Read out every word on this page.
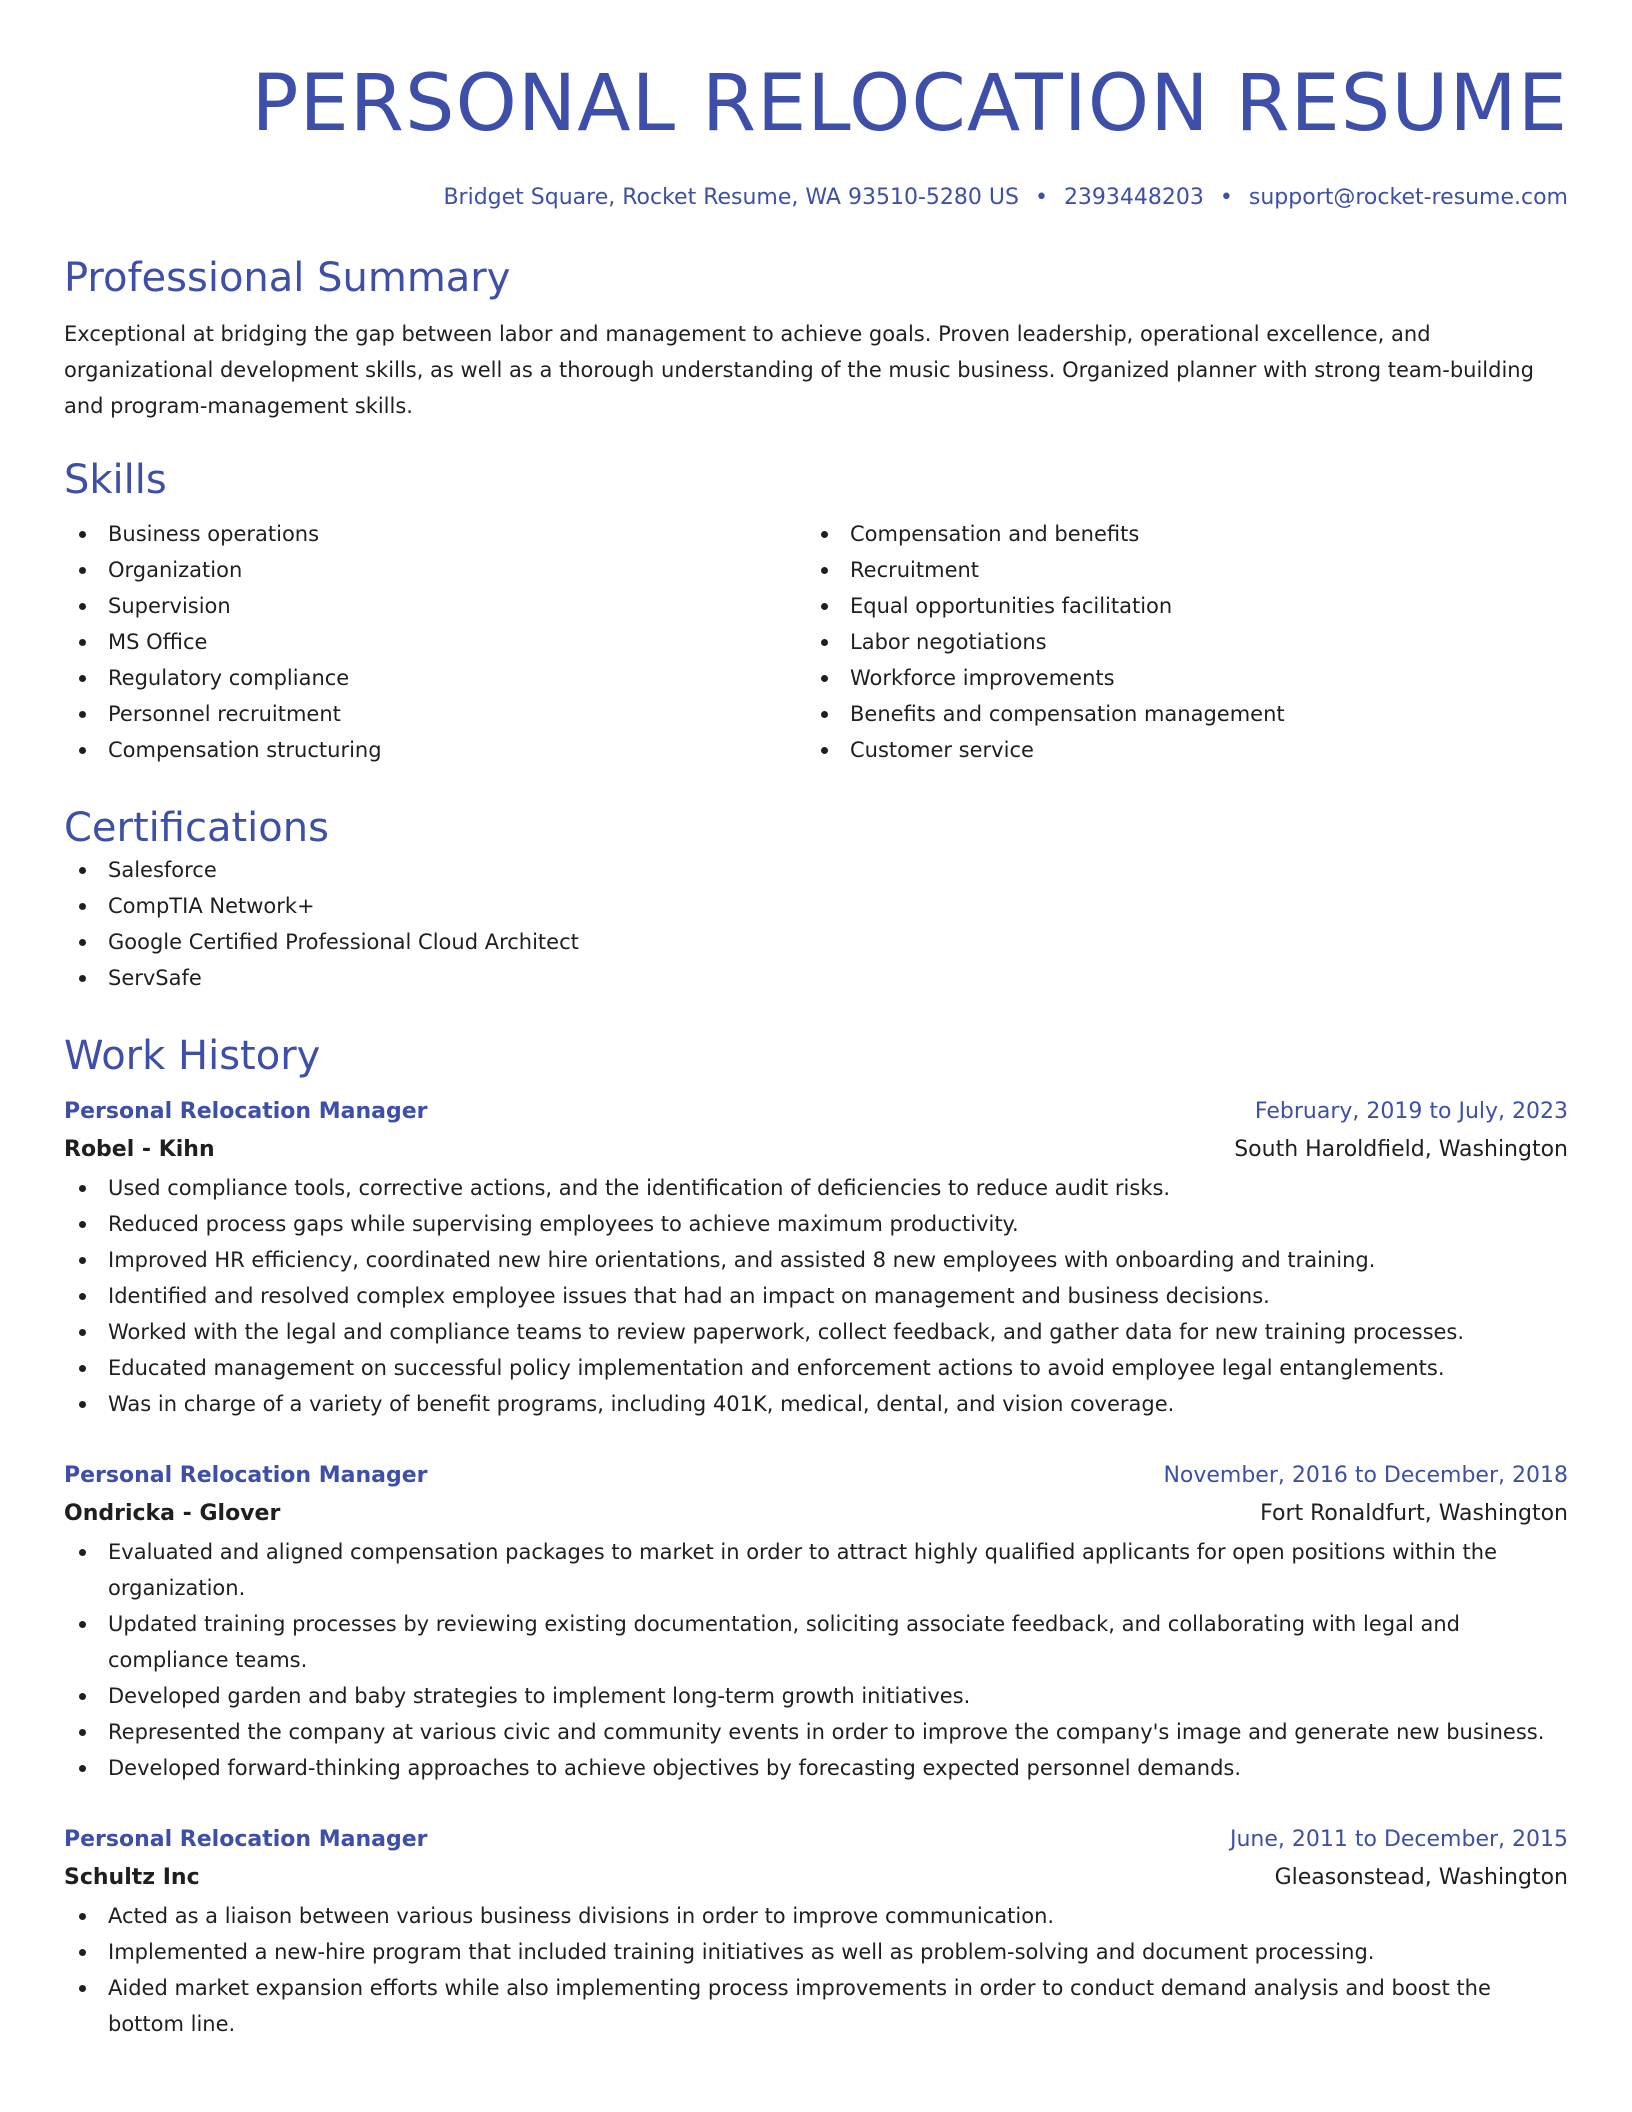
PERSONAL RELOCATION RESUME
Bridget Square, Rocket Resume, WA 93510-5280 US • 2393448203 • support@rocket-resume.com
Professional Summary
Exceptional at bridging the gap between labor and management to achieve goals. Proven leadership, operational excellence, and organizational development skills, as well as a thorough understanding of the music business. Organized planner with strong team-building and program-management skills.
Skills
Business operations
Organization
Supervision
MS Office
Regulatory compliance
Personnel recruitment
Compensation structuring
Compensation and benefits
Recruitment
Equal opportunities facilitation
Labor negotiations
Workforce improvements
Benefits and compensation management
Customer service
Certifications
Salesforce
CompTIA Network+
Google Certified Professional Cloud Architect
ServSafe
Work History
Personal Relocation Manager	February, 2019 to July, 2023
Robel - Kihn	South Haroldfield, Washington
Used compliance tools, corrective actions, and the identification of deficiencies to reduce audit risks.
Reduced process gaps while supervising employees to achieve maximum productivity.
Improved HR efficiency, coordinated new hire orientations, and assisted 8 new employees with onboarding and training.
Identified and resolved complex employee issues that had an impact on management and business decisions.
Worked with the legal and compliance teams to review paperwork, collect feedback, and gather data for new training processes.
Educated management on successful policy implementation and enforcement actions to avoid employee legal entanglements.
Was in charge of a variety of benefit programs, including 401K, medical, dental, and vision coverage.
Personal Relocation Manager	November, 2016 to December, 2018
Ondricka - Glover	Fort Ronaldfurt, Washington
Evaluated and aligned compensation packages to market in order to attract highly qualified applicants for open positions within the organization.
Updated training processes by reviewing existing documentation, soliciting associate feedback, and collaborating with legal and compliance teams.
Developed garden and baby strategies to implement long-term growth initiatives.
Represented the company at various civic and community events in order to improve the company's image and generate new business.
Developed forward-thinking approaches to achieve objectives by forecasting expected personnel demands.
Personal Relocation Manager	June, 2011 to December, 2015
Schultz Inc	Gleasonstead, Washington
Acted as a liaison between various business divisions in order to improve communication.
Implemented a new-hire program that included training initiatives as well as problem-solving and document processing.
Aided market expansion efforts while also implementing process improvements in order to conduct demand analysis and boost the bottom line.
